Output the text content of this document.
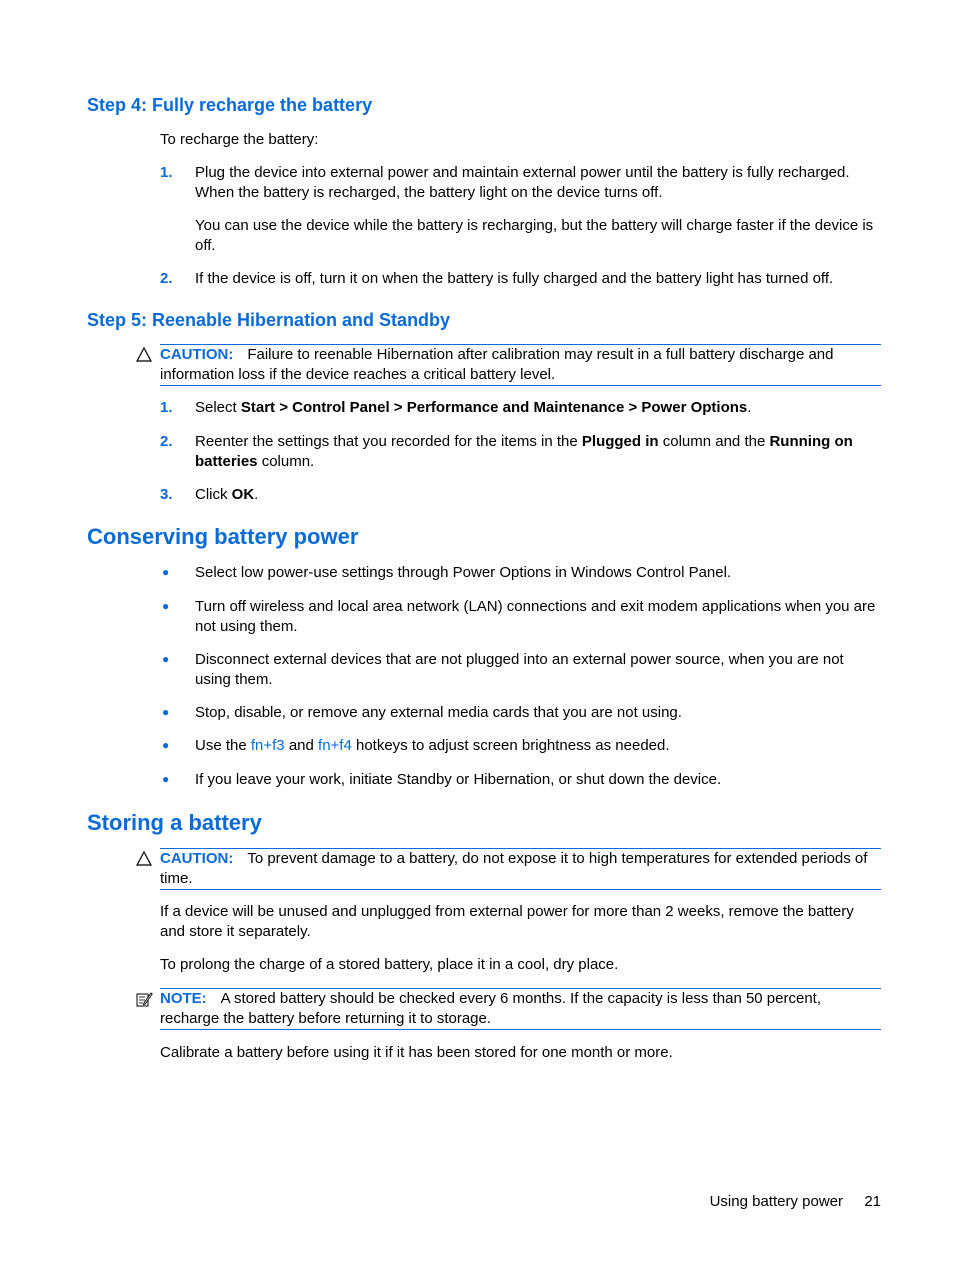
Step 4: Fully recharge the battery
To recharge the battery:
1. Plug the device into external power and maintain external power until the battery is fully recharged. When the battery is recharged, the battery light on the device turns off.
You can use the device while the battery is recharging, but the battery will charge faster if the device is off.
2. If the device is off, turn it on when the battery is fully charged and the battery light has turned off.
Step 5: Reenable Hibernation and Standby
CAUTION: Failure to reenable Hibernation after calibration may result in a full battery discharge and information loss if the device reaches a critical battery level.
1. Select Start > Control Panel > Performance and Maintenance > Power Options.
2. Reenter the settings that you recorded for the items in the Plugged in column and the Running on batteries column.
3. Click OK.
Conserving battery power
● Select low power-use settings through Power Options in Windows Control Panel.
● Turn off wireless and local area network (LAN) connections and exit modem applications when you are not using them.
● Disconnect external devices that are not plugged into an external power source, when you are not using them.
● Stop, disable, or remove any external media cards that you are not using.
● Use the fn+f3 and fn+f4 hotkeys to adjust screen brightness as needed.
● If you leave your work, initiate Standby or Hibernation, or shut down the device.
Storing a battery
CAUTION: To prevent damage to a battery, do not expose it to high temperatures for extended periods of time.
If a device will be unused and unplugged from external power for more than 2 weeks, remove the battery and store it separately.
To prolong the charge of a stored battery, place it in a cool, dry place.
NOTE: A stored battery should be checked every 6 months. If the capacity is less than 50 percent, recharge the battery before returning it to storage.
Calibrate a battery before using it if it has been stored for one month or more.
Using battery power 21
